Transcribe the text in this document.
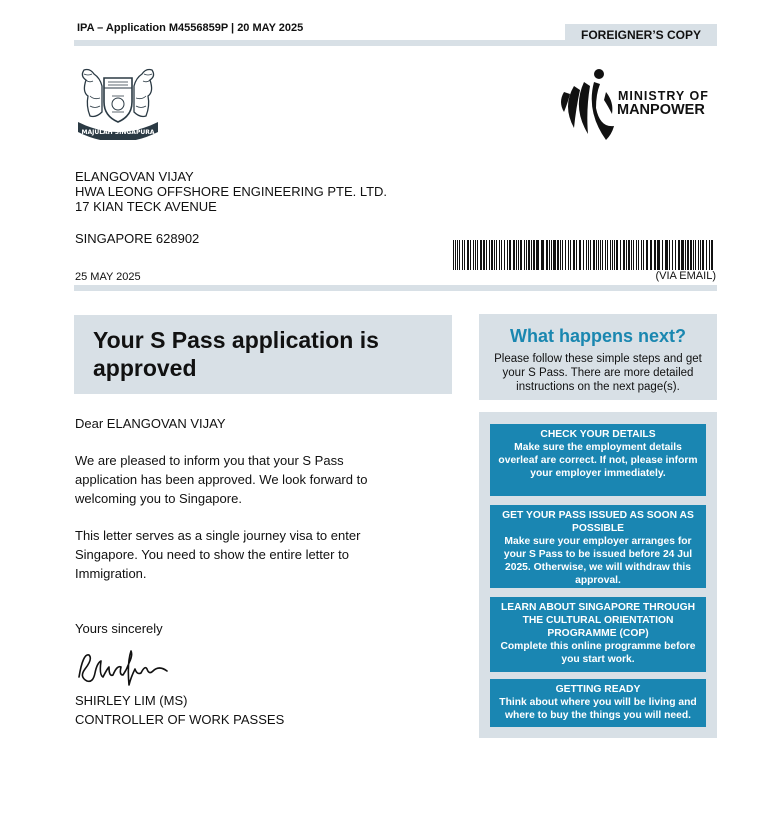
IPA – Application M4556859P | 20 MAY 2025	FOREIGNER’S COPY
MAJULAH SINGAPURA
MINISTRY OF
MANPOWER
ELANGOVAN VIJAY
HWA LEONG OFFSHORE ENGINEERING PTE. LTD.
17 KIAN TECK AVENUE
SINGAPORE 628902
(VIA EMAIL)
25 MAY 2025
Your S Pass application is approved
Dear ELANGOVAN VIJAY
We are pleased to inform you that your S Pass application has been approved. We look forward to welcoming you to Singapore.
This letter serves as a single journey visa to enter Singapore. You need to show the entire letter to Immigration.
Yours sincerely
SHIRLEY LIM (MS)
CONTROLLER OF WORK PASSES
What happens next?
Please follow these simple steps and get your S Pass. There are more detailed instructions on the next page(s).
CHECK YOUR DETAILS
Make sure the employment details overleaf are correct. If not, please inform your employer immediately.
GET YOUR PASS ISSUED AS SOON AS POSSIBLE
Make sure your employer arranges for your S Pass to be issued before 24 Jul 2025. Otherwise, we will withdraw this approval.
LEARN ABOUT SINGAPORE THROUGH THE CULTURAL ORIENTATION PROGRAMME (COP)
Complete this online programme before you start work.
GETTING READY
Think about where you will be living and where to buy the things you will need.
